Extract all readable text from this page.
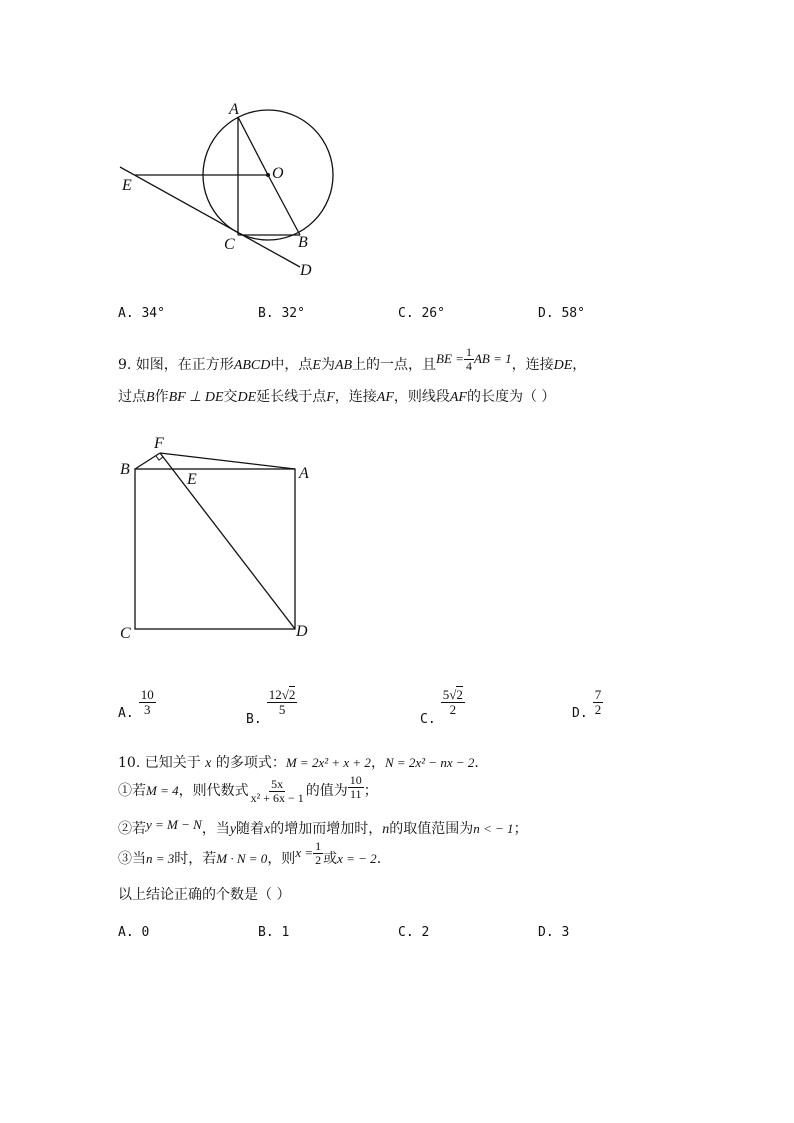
A
O
E
C	B
D
A. 34°	B. 32°	C. 26°	D. 58°
9. 如图，在正方形ABCD中，点E为AB上的一点，且BE = $\frac{1}{4}$ AB = 1，连接DE，
过点B作BF ⊥ DE交DE延长线于点F，连接AF，则线段AF的长度为（ ）
F
B
E	A
C	D
$_{A.} \frac{10}{3}$
$_{B.}$
$\frac{12√2}{5}$
$_{C.}$
$\frac{5√2}{2}$	$_{D.} \frac{7}{2}$
10. 已知关于 x 的多项式：M = 2x² + x + 2，N = 2x² − nx − 2.
①若M = 4，则代数式 $\frac{5x}{\text{x² + 6x − 1}}$ 的值为 $\frac{10}{11}$ ；
②若y = M − N，当y随着x的增加而增加时，n的取值范围为n < − 1；
③当n = 3时，若M · N = 0，则$x = \frac{1}{2}$ 或x = − 2.
以上结论正确的个数是（ ）
A. 0	B. 1	C. 2	D. 3
